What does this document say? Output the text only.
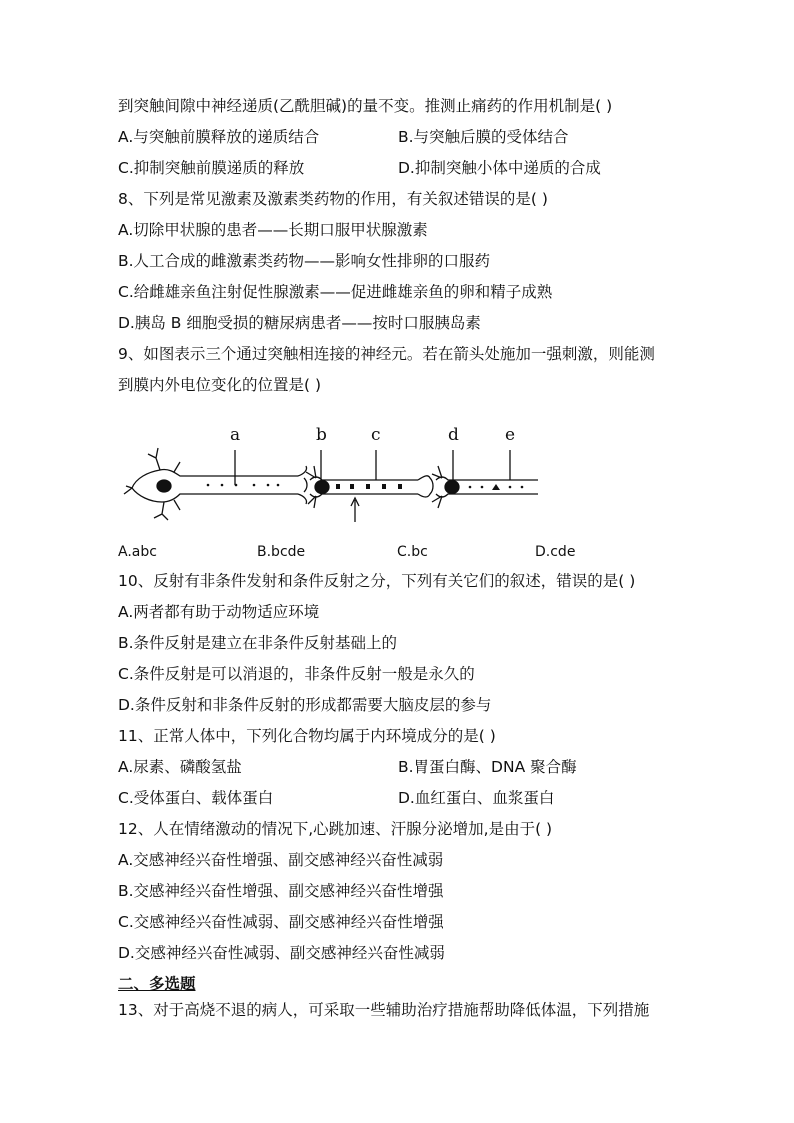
到突触间隙中神经递质(乙酰胆碱)的量不变。推测止痛药的作用机制是( )
A.与突触前膜释放的递质结合	B.与突触后膜的受体结合
C.抑制突触前膜递质的释放	D.抑制突触小体中递质的合成
8、下列是常见激素及激素类药物的作用，有关叙述错误的是( )
A.切除甲状腺的患者——长期口服甲状腺激素
B.人工合成的雌激素类药物——影响女性排卵的口服药
C.给雌雄亲鱼注射促性腺激素——促进雌雄亲鱼的卵和精子成熟
D.胰岛 B 细胞受损的糖尿病患者——按时口服胰岛素
9、如图表示三个通过突触相连接的神经元。若在箭头处施加一强刺激，则能测
到膜内外电位变化的位置是( )
a	b	c	d	e
A.abc	B.bcde	C.bc	D.cde
10、反射有非条件发射和条件反射之分，下列有关它们的叙述，错误的是( )
A.两者都有助于动物适应环境
B.条件反射是建立在非条件反射基础上的
C.条件反射是可以消退的，非条件反射一般是永久的
D.条件反射和非条件反射的形成都需要大脑皮层的参与
11、正常人体中，下列化合物均属于内环境成分的是( )
A.尿素、磷酸氢盐	B.胃蛋白酶、DNA 聚合酶
C.受体蛋白、载体蛋白	D.血红蛋白、血浆蛋白
12、人在情绪激动的情况下,心跳加速、汗腺分泌增加,是由于( )
A.交感神经兴奋性增强、副交感神经兴奋性减弱
B.交感神经兴奋性增强、副交感神经兴奋性增强
C.交感神经兴奋性减弱、副交感神经兴奋性增强
D.交感神经兴奋性减弱、副交感神经兴奋性减弱
二、多选题
13、对于高烧不退的病人，可采取一些辅助治疗措施帮助降低体温，下列措施
